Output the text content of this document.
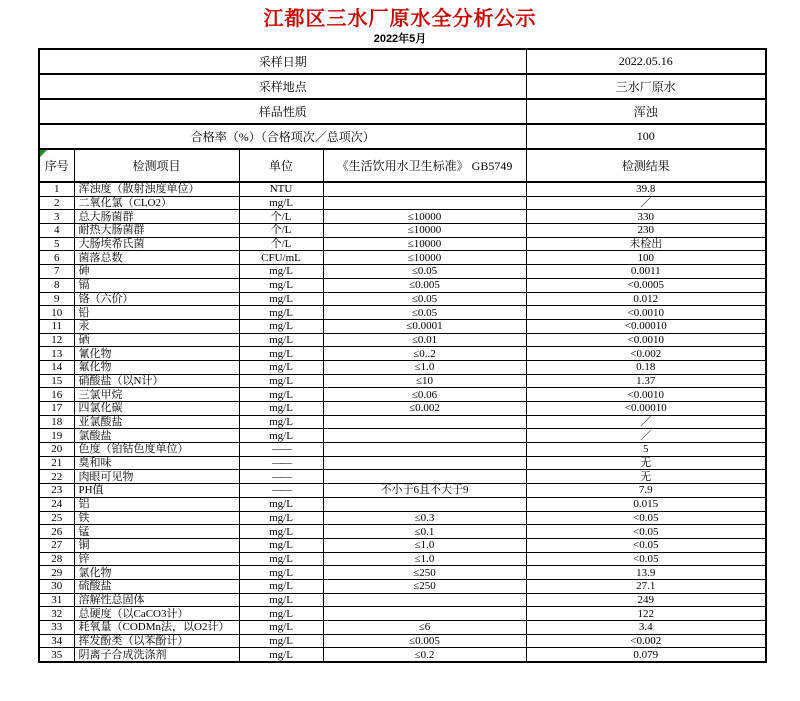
江都区三水厂原水全分析公示
2022年5月
采样日期				2022.05.16
采样地点				三水厂原水
样品性质				浑浊
合格率（%）（合格项次／总项次）				100

序号	检测项目	单位	《生活饮用水卫生标准》 GB5749	检测结果
1	浑浊度（散射浊度单位）	NTU		39.8
2	二氧化氯（CLO2）	mg/L		／
3	总大肠菌群	个/L	≤10000	330
4	耐热大肠菌群	个/L	≤10000	230
5	大肠埃希氏菌	个/L	≤10000	未检出
6	菌落总数	CFU/mL	≤10000	100
7	砷	mg/L	≤0.05	0.0011
8	镉	mg/L	≤0.005	<0.0005
9	铬（六价）	mg/L	≤0.05	0.012
10	铅	mg/L	≤0.05	<0.0010
11	汞	mg/L	≤0.0001	<0.00010
12	硒	mg/L	≤0.01	<0.0010
13	氰化物	mg/L	≤0..2	<0.002
14	氟化物	mg/L	≤1.0	0.18
15	硝酸盐（以N计）	mg/L	≤10	1.37
16	三氯甲烷	mg/L	≤0.06	<0.0010
17	四氯化碳	mg/L	≤0.002	<0.00010
18	亚氯酸盐	mg/L		／
19	氯酸盐	mg/L		／
20	色度（铂钴色度单位）	——		5
21	臭和味	——		无
22	肉眼可见物	——		无
23	PH值	——	不小于6且不大于9	7.9
24	铝	mg/L		0.015
25	铁	mg/L	≤0.3	<0.05
26	锰	mg/L	≤0.1	<0.05
27	铜	mg/L	≤1.0	<0.05
28	锌	mg/L	≤1.0	<0.05
29	氯化物	mg/L	≤250	13.9
30	硫酸盐	mg/L	≤250	27.1
31	溶解性总固体	mg/L		249
32	总硬度（以CaCO3计）	mg/L		122
33	耗氧量（CODMn法，以O2计）	mg/L	≤6	3.4
34	挥发酚类（以苯酚计）	mg/L	≤0.005	<0.002
35	阴离子合成洗涤剂	mg/L	≤0.2	0.079
